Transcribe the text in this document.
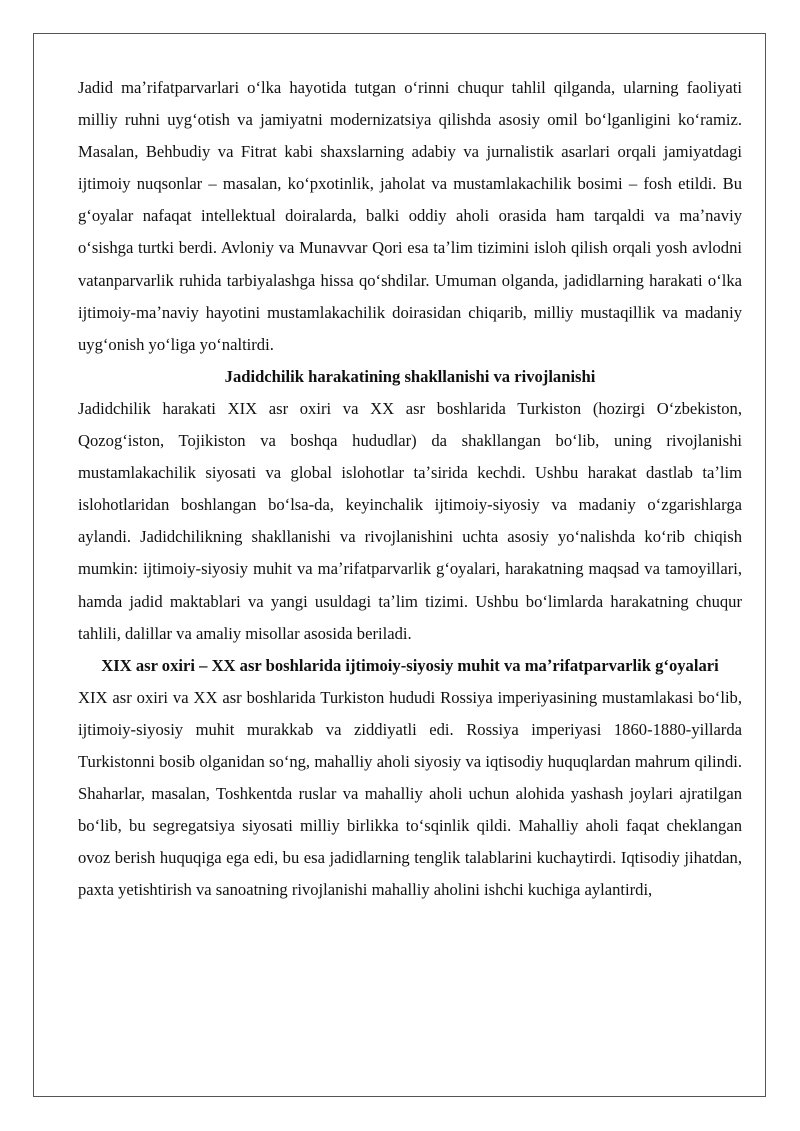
Jadid maʼrifatparvarlari oʻlka hayotida tutgan oʻrinni chuqur tahlil qilganda, ularning faoliyati milliy ruhni uygʻotish va jamiyatni modernizatsiya qilishda asosiy omil boʻlganligini koʻramiz. Masalan, Behbudiy va Fitrat kabi shaxslarning adabiy va jurnalistik asarlari orqali jamiyatdagi ijtimoiy nuqsonlar – masalan, koʻpxotinlik, jaholat va mustamlakachilik bosimi – fosh etildi. Bu gʻoyalar nafaqat intellektual doiralarda, balki oddiy aholi orasida ham tarqaldi va maʼnaviy oʻsishga turtki berdi. Avloniy va Munavvar Qori esa taʼlim tizimini isloh qilish orqali yosh avlodni vatanparvarlik ruhida tarbiyalashga hissa qoʻshdilar. Umuman olganda, jadidlarning harakati oʻlka ijtimoiy-maʼnaviy hayotini mustamlakachilik doirasidan chiqarib, milliy mustaqillik va madaniy uygʻonish yoʻliga yoʻnaltirdi.

Jadidchilik harakatining shakllanishi va rivojlanishi

Jadidchilik harakati XIX asr oxiri va XX asr boshlarida Turkiston (hozirgi Oʻzbekiston, Qozogʻiston, Tojikiston va boshqa hududlar) da shakllangan boʻlib, uning rivojlanishi mustamlakachilik siyosati va global islohotlar taʼsirida kechdi. Ushbu harakat dastlab taʼlim islohotlaridan boshlangan boʻlsa-da, keyinchalik ijtimoiy-siyosiy va madaniy oʻzgarishlarga aylandi. Jadidchilikning shakllanishi va rivojlanishini uchta asosiy yoʻnalishda koʻrib chiqish mumkin: ijtimoiy-siyosiy muhit va maʼrifatparvarlik gʻoyalari, harakatning maqsad va tamoyillari, hamda jadid maktablari va yangi usuldagi taʼlim tizimi. Ushbu boʻlimlarda harakatning chuqur tahlili, dalillar va amaliy misollar asosida beriladi.

XIX asr oxiri – XX asr boshlarida ijtimoiy-siyosiy muhit va maʼrifatparvarlik gʻoyalari

XIX asr oxiri va XX asr boshlarida Turkiston hududi Rossiya imperiyasining mustamlakasi boʻlib, ijtimoiy-siyosiy muhit murakkab va ziddiyatli edi. Rossiya imperiyasi 1860-1880-yillarda Turkistonni bosib olganidan soʻng, mahalliy aholi siyosiy va iqtisodiy huquqlardan mahrum qilindi. Shaharlar, masalan, Toshkentda ruslar va mahalliy aholi uchun alohida yashash joylari ajratilgan boʻlib, bu segregatsiya siyosati milliy birlikka toʻsqinlik qildi. Mahalliy aholi faqat cheklangan ovoz berish huquqiga ega edi, bu esa jadidlarning tenglik talablarini kuchaytirdi. Iqtisodiy jihatdan, paxta yetishtirish va sanoatning rivojlanishi mahalliy aholini ishchi kuchiga aylantirdi,
